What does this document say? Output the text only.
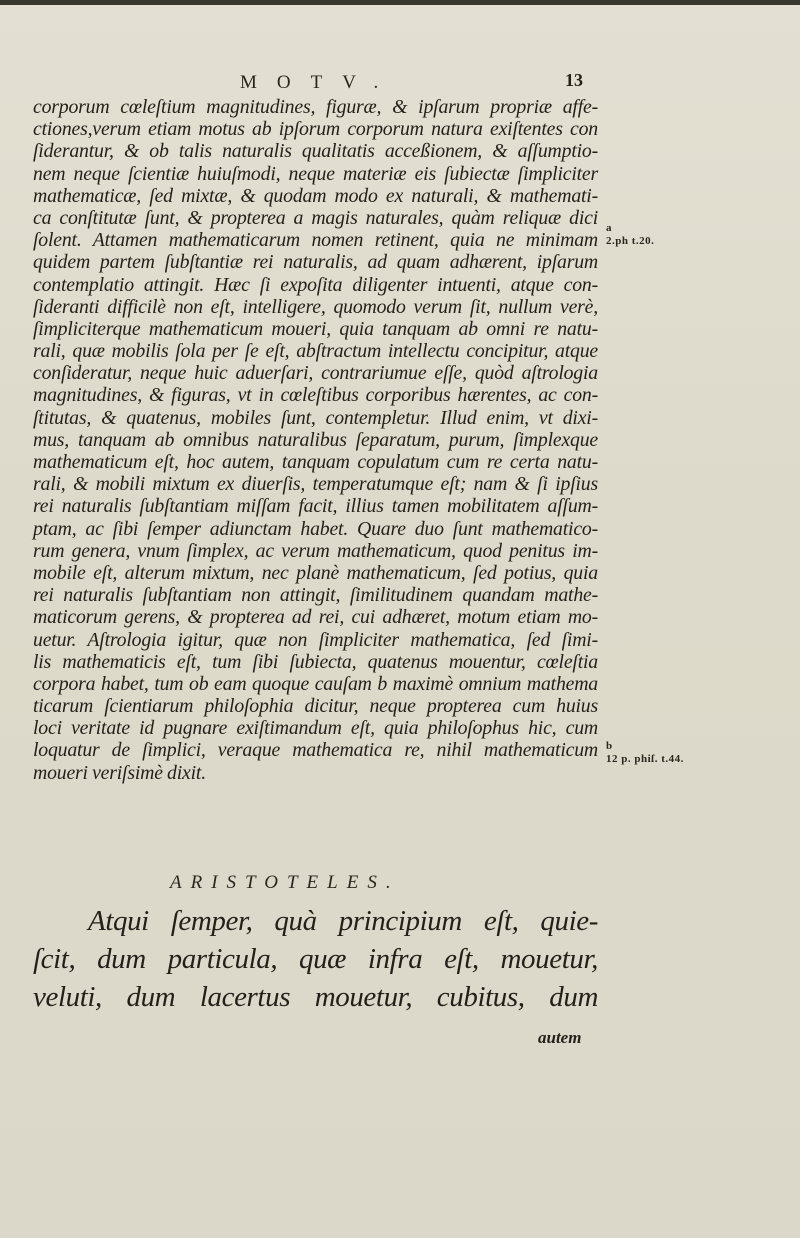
MOTV.	13
corporum cœleſtium magnitudines, figuræ, & ipſarum propriæ affe-
ctiones,verum etiam motus ab ipſorum corporum natura exiſtentes con
ſiderantur, & ob talis naturalis qualitatis acceßionem, & aſſumptio-
nem neque ſcientiæ huiuſmodi, neque materiæ eis ſubiectæ ſimpliciter
mathematicæ, ſed mixtæ, & quodam modo ex naturali, & mathemati-
ca conſtitutæ ſunt, & propterea a magis naturales, quàm reliquæ dici
ſolent. Attamen mathematicarum nomen retinent, quia ne minimam
quidem partem ſubſtantiæ rei naturalis, ad quam adhærent, ipſarum
contemplatio attingit. Hæc ſi expoſita diligenter intuenti, atque con-
ſideranti difficilè non eſt, intelligere, quomodo verum ſit, nullum verè,
ſimpliciterque mathematicum moueri, quia tanquam ab omni re natu-
rali, quæ mobilis ſola per ſe eſt, abſtractum intellectu concipitur, atque
conſideratur, neque huic aduerſari, contrariumue eſſe, quòd aſtrologia
magnitudines, & figuras, vt in cœleſtibus corporibus hærentes, ac con-
ſtitutas, & quatenus, mobiles ſunt, contempletur. Illud enim, vt dixi-
mus, tanquam ab omnibus naturalibus ſeparatum, purum, ſimplexque
mathematicum eſt, hoc autem, tanquam copulatum cum re certa natu-
rali, & mobili mixtum ex diuerſis, temperatumque eſt; nam & ſi ipſius
rei naturalis ſubſtantiam miſſam facit, illius tamen mobilitatem aſſum-
ptam, ac ſibi ſemper adiunctam habet. Quare duo ſunt mathematico-
rum genera, vnum ſimplex, ac verum mathematicum, quod penitus im-
mobile eſt, alterum mixtum, nec planè mathematicum, ſed potius, quia
rei naturalis ſubſtantiam non attingit, ſimilitudinem quandam mathe-
maticorum gerens, & propterea ad rei, cui adhæret, motum etiam mo-
uetur. Aſtrologia igitur, quæ non ſimpliciter mathematica, ſed ſimi-
lis mathematicis eſt, tum ſibi ſubiecta, quatenus mouentur, cœleſtia
corpora habet, tum ob eam quoque cauſam b maximè omnium mathema
ticarum ſcientiarum philoſophia dicitur, neque propterea cum huius
loci veritate id pugnare exiſtimandum eſt, quia philoſophus hic, cum
loquatur de ſimplici, veraque mathematica re, nihil mathematicum
moueri veriſsimè dixit.
a
2.ph t.20.
b
12 p. phiſ. t.44.
ARISTOTELES.
Atqui ſemper, quà principium eſt, quie-
ſcit, dum particula, quæ infra eſt, mouetur,
veluti, dum lacertus mouetur, cubitus, dum
autem
